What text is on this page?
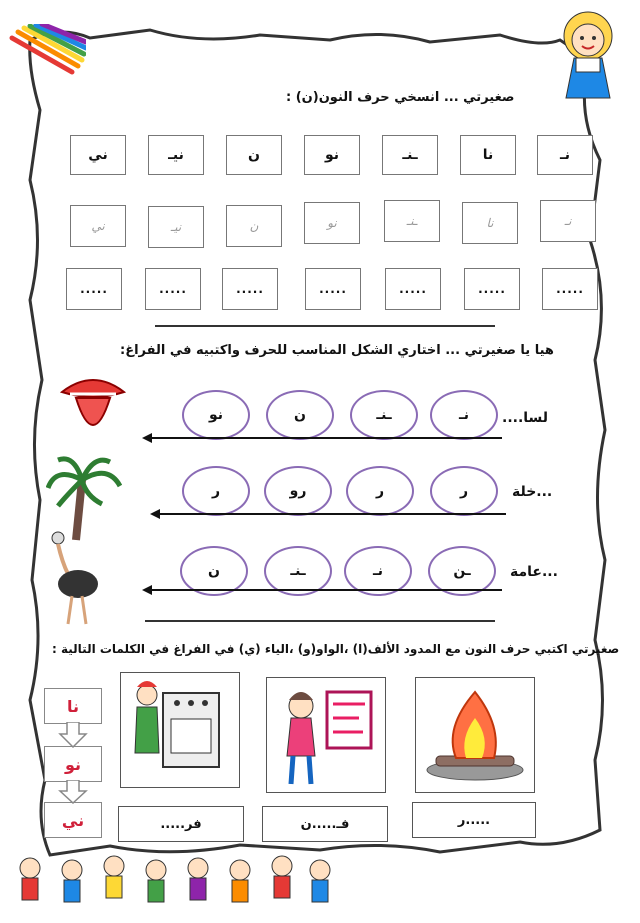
صغيرتي ... انسخي حرف النون(ن) :
نـ
نا
ـنـ
نو
ن
نيـ
ني
نـ
نا
ـنـ
نو
ن
نيـ
ني
.....
.....
.....
.....
.....
.....
.....
هيا يا صغيرتي ... اختاري الشكل المناسب للحرف واكتبيه في الفراغ:
لسا....
نـ
ـنـ
ن
نو
...خلة
ر
ر
رو
ر
...عامة
ـن
نـ
ـنـ
ن
صغيرتي اكتبي حرف النون مع المدود الألف(ا) ،الواو(و) ،الياء (ي) في الفراغ في الكلمات التالية :
نا
نو
ني	.....ر
فـ.....ن
فر.....
